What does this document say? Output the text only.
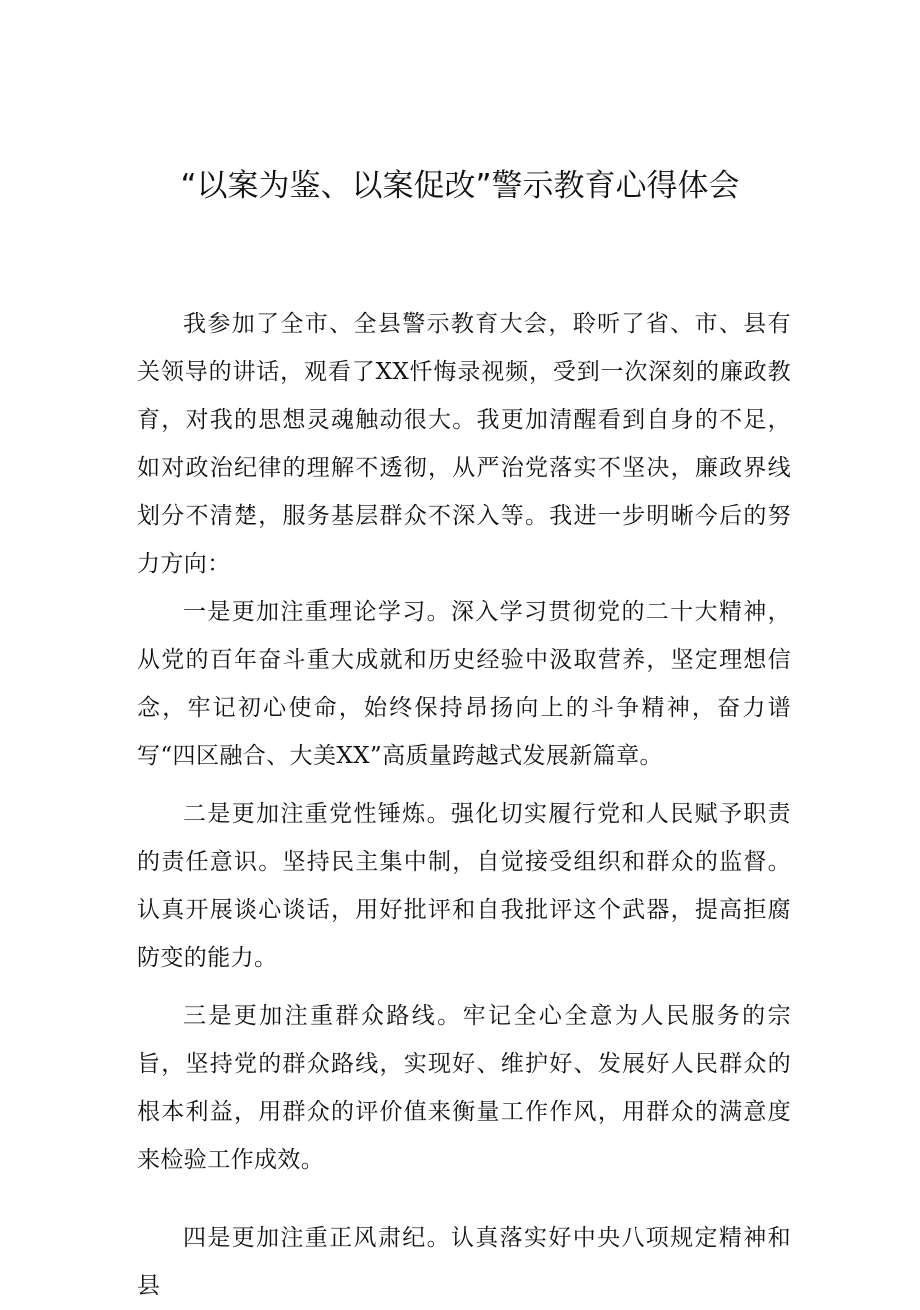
“以案为鉴、以案促改”警示教育心得体会

我参加了全市、全县警示教育大会，聆听了省、市、县有关领导的讲话，观看了XX忏悔录视频，受到一次深刻的廉政教育，对我的思想灵魂触动很大。我更加清醒看到自身的不足，如对政治纪律的理解不透彻，从严治党落实不坚决，廉政界线划分不清楚，服务基层群众不深入等。我进一步明晰今后的努力方向：

一是更加注重理论学习。深入学习贯彻党的二十大精神，从党的百年奋斗重大成就和历史经验中汲取营养，坚定理想信念，牢记初心使命，始终保持昂扬向上的斗争精神，奋力谱写“四区融合、大美XX”高质量跨越式发展新篇章。

二是更加注重党性锤炼。强化切实履行党和人民赋予职责的责任意识。坚持民主集中制，自觉接受组织和群众的监督。认真开展谈心谈话，用好批评和自我批评这个武器，提高拒腐防变的能力。

三是更加注重群众路线。牢记全心全意为人民服务的宗旨，坚持党的群众路线，实现好、维护好、发展好人民群众的根本利益，用群众的评价值来衡量工作作风，用群众的满意度来检验工作成效。

四是更加注重正风肃纪。认真落实好中央八项规定精神和县
